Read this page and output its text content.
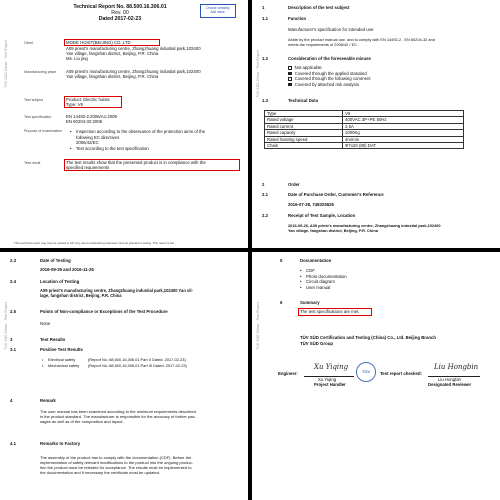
TÜV SÜD China · Test Report
Technical Report No. 88.500.16.306.01
Rev. 00
Dated 2017-02-23
Choose certainty.
Add value.
Client	MODE HOIST(BEIJING) CO.,LTD
A09 priest's manufacturing centre, Zhangzhuang industial park,102400
Yan village, fangshan district, Beijing, P.R. China
Ms. Liu jing
Manufacturing place A09 priest's manufacturing centre, Zhangzhuang industial park,102400
Yan village, fangshan district, Beijing, P.R. China
Test subject	Product: Electric hoists
Type: V6
Test specification	EN 14492-2:2006/A1:2009
EN 60204-32:2008
Purpose of examination	• Inspection according to the observance of the protection aims of the
following EC directives
2006/42/EC
• Test according to the test specification
Test result	The test results show that the presented product is in compliance with the
specified requirements
This technical report may only be quoted in full. Any use for advertising purposes must be granted in writing. This report is the
TÜV SÜD China · Test Report
1	Description of the test subject
1.1	Function
Manufacturer's specification for intended use:
Abide by the product manual use, and to comply with EN 14492-2 , EN 60204-32 and
meets the requirements of 2006/42 / EC.
1.2	Consideration of the foreseeable misuse
Not applicable
Covered through the applied standard
Covered through the following comment
Covered by attached risk analysis
1.3	Technical Data
Type	V6
Rated voltage	400VAC 3P+PE 50Hz
Rated current	2,5A
Rated capacity	1000Kg
Rated hoisting speed	4m/min
Chain	Φ7x20 (80) DAT
2	Order
2.1	Date of Purchase Order, Customer's Reference
2016-07-28, 748325526
2.2	Receipt of Test Sample, Location
2016-09-26, A09 priest's manufacturing centre, Zhangzhuang industial park,102400
Yan village, fangshan district, Beijing, P.R. China
TÜV SÜD China · Test Report
2.3	Date of Testing
2016-09-26 and 2016-11-25
2.4	Location of Testing
A09 priest's manufacturing centre, Zhangzhuang industial park,102400 Yan vil-
lage, fangshan district, Beijing, P.R. China
2.5	Points of Non-compliance or Exceptions of the Test Procedure
None
3	Test Results
3.1	Positive Test Results
• Electrical safety	(Report No.:88,500,16,306,01 Part II Dated: 2017-02-23)
• Mechanical safety (Report No.:88,500,16,306,01 Part III Dated: 2017-02-23)
4	Remark
The user manual has been examined according to the minimum requirements described
in the product standard. The manufacturer is responsible for the accuracy of further pas-
sages as well as of the composition and layout.
4.1	Remarks to Factory
The assembly of the product has to comply with the documentation (CDF). Before the
implementation of safety relevant modifications to the product into the ongoing produc-
tion the product must be retested for acceptance. The results must be implemented to
the documentation and if necessary the certificate must be updated.
TÜV SÜD China · Test Report
5	Documentation
• CDF
• Photo documentation
• Circuit diagram
• User manual
6	Summary
The test specifications are met.
TÜV SÜD Certification and Testing (China) Co., Ltd. Beijing Branch
TÜV SÜD Group
Engineer:
Xu Yiqing
Xu Yiqing
Project Handler
TÜV	Test report checked:
Liu Hongbin
Liu Hongbin
Designated Reviewer
